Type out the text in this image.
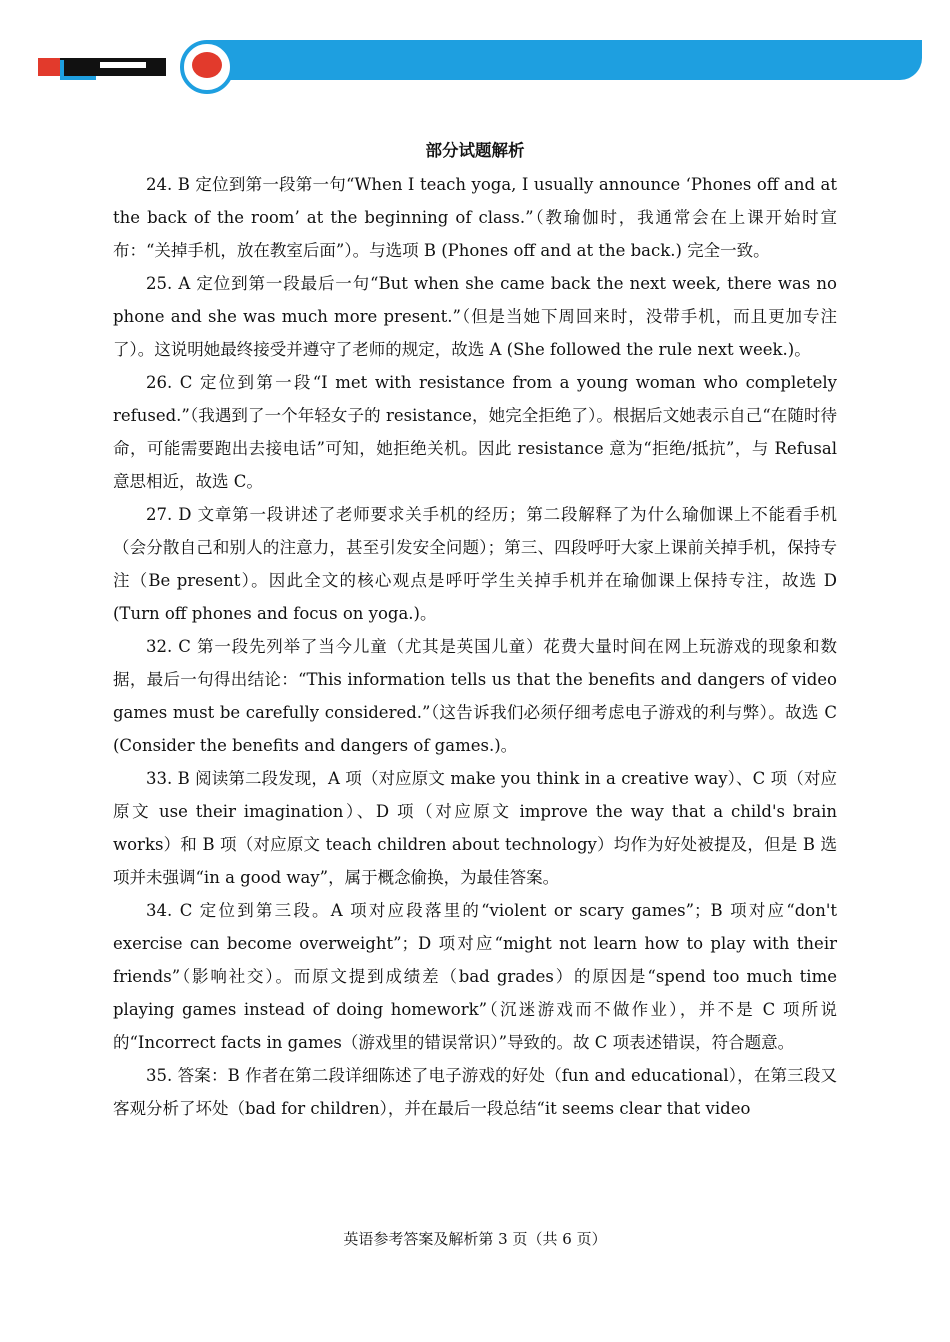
部分试题解析

24. B 定位到第一段第一句“When I teach yoga, I usually announce ‘Phones off and at the back of the room’ at the beginning of class.”（教瑜伽时，我通常会在上课开始时宣布：“关掉手机，放在教室后面”）。与选项 B (Phones off and at the back.) 完全一致。

25. A 定位到第一段最后一句“But when she came back the next week, there was no phone and she was much more present.”（但是当她下周回来时，没带手机，而且更加专注了）。这说明她最终接受并遵守了老师的规定，故选 A (She followed the rule next week.)。

26. C 定位到第一段“I met with resistance from a young woman who completely refused.”（我遇到了一个年轻女子的 resistance，她完全拒绝了）。根据后文她表示自己“在随时待命，可能需要跑出去接电话”可知，她拒绝关机。因此 resistance 意为“拒绝/抵抗”，与 Refusal 意思相近，故选 C。

27. D 文章第一段讲述了老师要求关手机的经历；第二段解释了为什么瑜伽课上不能看手机（会分散自己和别人的注意力，甚至引发安全问题）；第三、四段呼吁大家上课前关掉手机，保持专注（Be present）。因此全文的核心观点是呼吁学生关掉手机并在瑜伽课上保持专注，故选 D (Turn off phones and focus on yoga.)。

32. C 第一段先列举了当今儿童（尤其是英国儿童）花费大量时间在网上玩游戏的现象和数据，最后一句得出结论：“This information tells us that the benefits and dangers of video games must be carefully considered.”（这告诉我们必须仔细考虑电子游戏的利与弊）。故选 C (Consider the benefits and dangers of games.)。

33. B 阅读第二段发现，A 项（对应原文 make you think in a creative way）、C 项（对应原文 use their imagination）、D 项（对应原文 improve the way that a child's brain works）和 B 项（对应原文 teach children about technology）均作为好处被提及，但是 B 选项并未强调“in a good way”，属于概念偷换，为最佳答案。

34. C 定位到第三段。A 项对应段落里的“violent or scary games”；B 项对应“don't exercise can become overweight”；D 项对应“might not learn how to play with their friends”（影响社交）。而原文提到成绩差（bad grades）的原因是“spend too much time playing games instead of doing homework”（沉迷游戏而不做作业），并不是 C 项所说的“Incorrect facts in games（游戏里的错误常识）”导致的。故 C 项表述错误，符合题意。

35. 答案：B 作者在第二段详细陈述了电子游戏的好处（fun and educational），在第三段又客观分析了坏处（bad for children），并在最后一段总结“it seems clear that video

英语参考答案及解析第 3 页（共 6 页）
